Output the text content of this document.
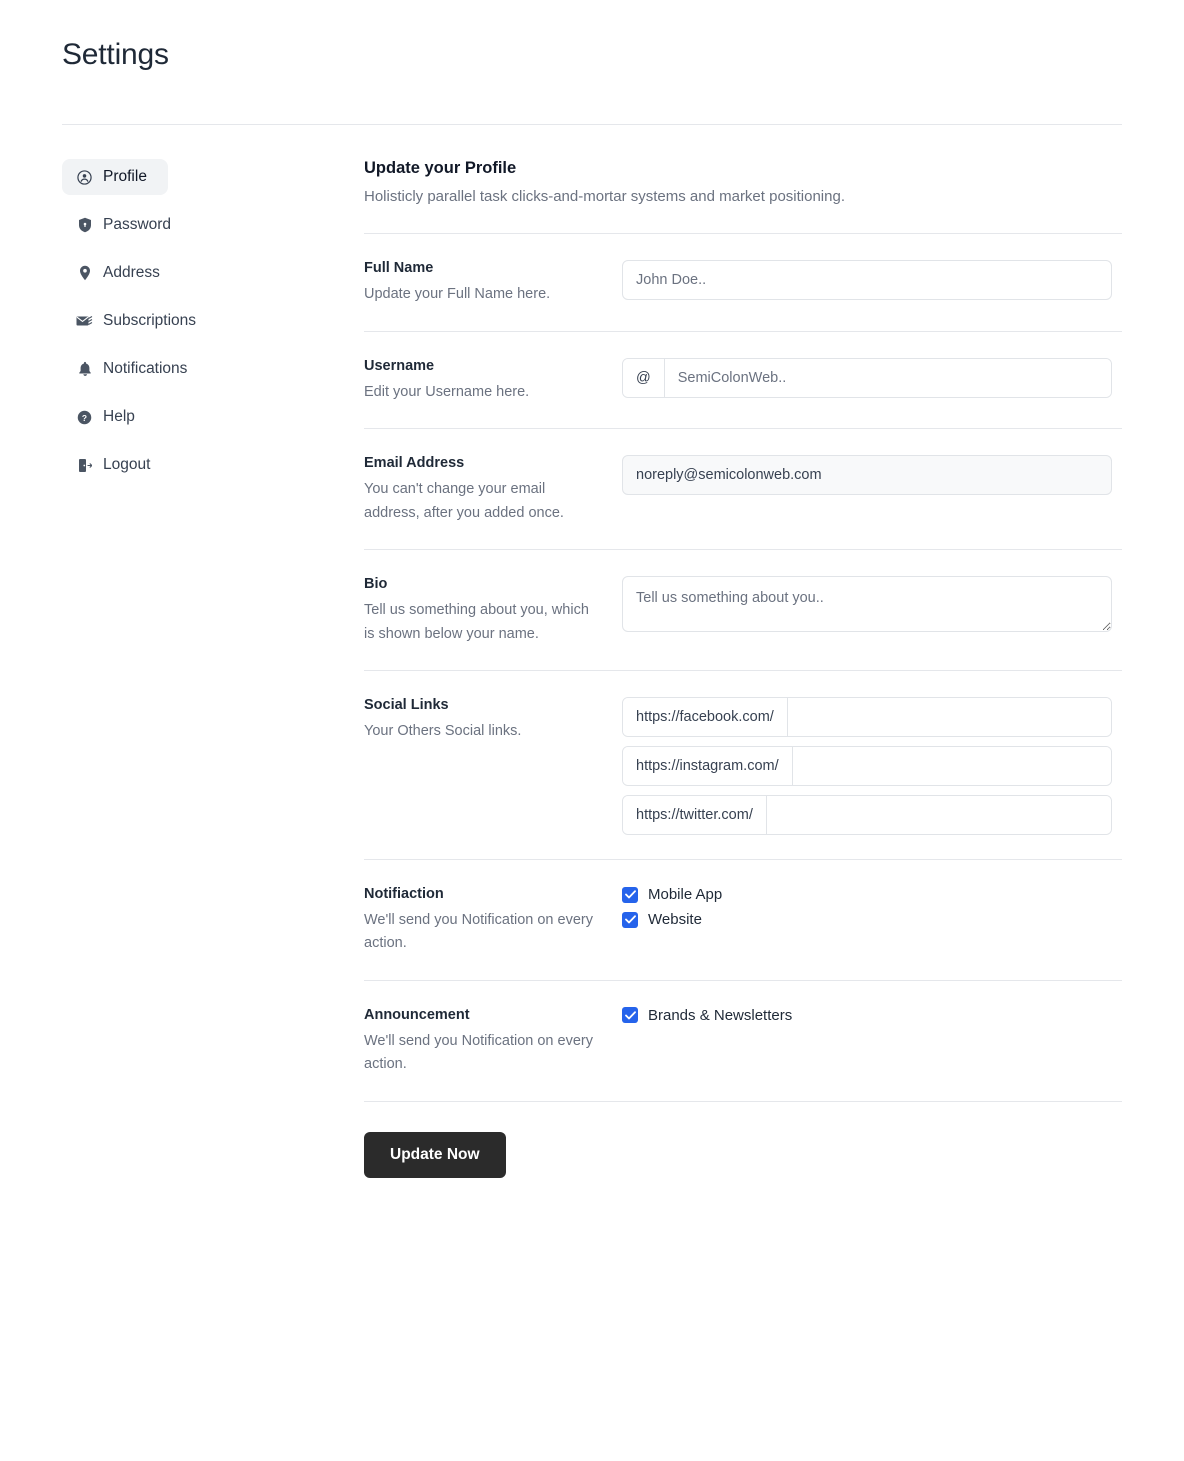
Settings
Profile
Password
Address
Subscriptions
Notifications
? Help
Logout
Update your Profile

Holisticly parallel task clicks-and-mortar systems and market positioning.

Full Name
Update your Full Name here.
John Doe..
Username
Edit your Username here.
@
SemiColonWeb..
Email Address
You can't change your email address, after you added once.
noreply@semicolonweb.com
Bio
Tell us something about you, which is shown below your name.
Tell us something about you..
Social Links
Your Others Social links.
https://facebook.com/
https://instagram.com/
https://twitter.com/
Notifiaction
We'll send you Notification on every action.
Mobile App
Website
Announcement
We'll send you Notification on every action.
Brands & Newsletters
Update Now
